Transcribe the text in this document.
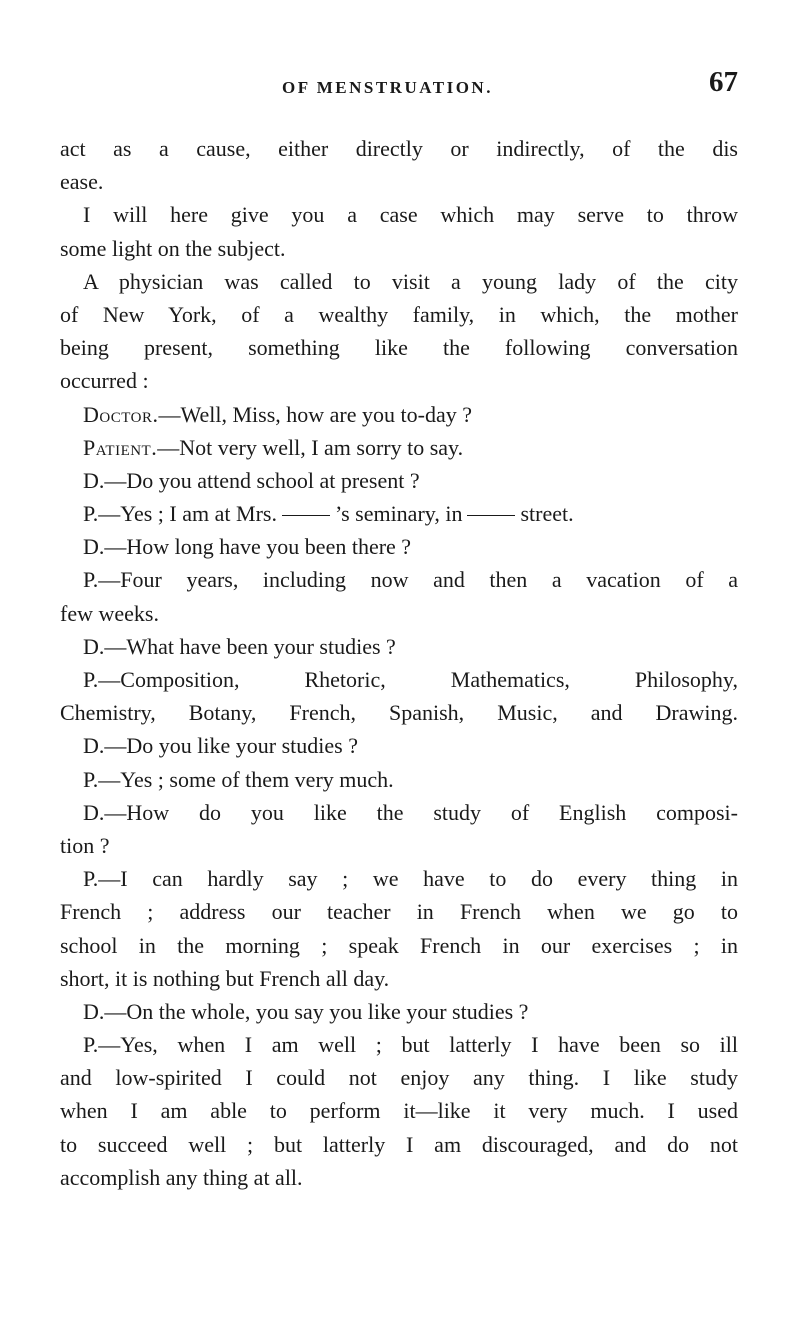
OF MENSTRUATION.	67
act as a cause, either directly or indirectly, of the dis
ease.
I will here give you a case which may serve to throw
some light on the subject.
A physician was called to visit a young lady of the city
of New York, of a wealthy family, in which, the mother
being present, something like the following conversation
occurred :
Doctor.—Well, Miss, how are you to-day ?
Patient.—Not very well, I am sorry to say.
D.—Do you attend school at present ?
P.—Yes ; I am at Mrs.	’s seminary, in	street.
D.—How long have you been there ?
P.—Four years, including now and then a vacation of a
few weeks.
D.—What have been your studies ?
P.—Composition, Rhetoric, Mathematics, Philosophy,
Chemistry, Botany, French, Spanish, Music, and Drawing.
D.—Do you like your studies ?
P.—Yes ; some of them very much.
D.—How do you like the study of English composi-
tion ?
P.—I can hardly say ; we have to do every thing in
French ; address our teacher in French when we go to
school in the morning ; speak French in our exercises ; in
short, it is nothing but French all day.
D.—On the whole, you say you like your studies ?
P.—Yes, when I am well ; but latterly I have been so ill
and low-spirited I could not enjoy any thing. I like study
when I am able to perform it—like it very much. I used
to succeed well ; but latterly I am discouraged, and do not
accomplish any thing at all.
